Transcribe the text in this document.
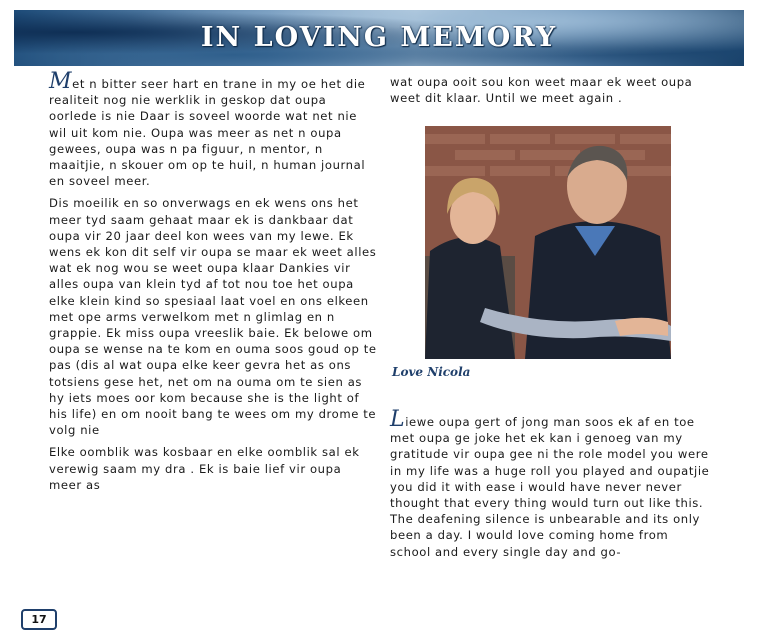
IN LOVING MEMORY

Met n bitter seer hart en trane in my oe het die realiteit nog nie werklik in geskop dat oupa oorlede is nie Daar is soveel woorde wat net nie wil uit kom nie. Oupa was meer as net n oupa gewees, oupa was n pa figuur, n mentor, n maaitjie, n skouer om op te huil, n human journal en soveel meer.

Dis moeilik en so onverwags en ek wens ons het meer tyd saam gehaat maar ek is dankbaar dat oupa vir 20 jaar deel kon wees van my lewe. Ek wens ek kon dit self vir oupa se maar ek weet alles wat ek nog wou se weet oupa klaar Dankies vir alles oupa van klein tyd af tot nou toe het oupa elke klein kind so spesiaal laat voel en ons elkeen met ope arms verwelkom met n glimlag en n grappie. Ek miss oupa vreeslik baie. Ek belowe om oupa se wense na te kom en ouma soos goud op te pas (dis al wat oupa elke keer gevra het as ons totsiens gese het, net om na ouma om te sien as hy iets moes oor kom because she is the light of his life) en om nooit bang te wees om my drome te volg nie

Elke oomblik was kosbaar en elke oomblik sal ek verewig saam my dra . Ek is baie lief vir oupa meer as

wat oupa ooit sou kon weet maar ek weet oupa weet dit klaar. Until we meet again .

Love Nicola

Liewe oupa gert of jong man soos ek af en toe met oupa ge joke het ek kan i genoeg van my gratitude vir oupa gee ni the role model you were in my life was a huge roll you played and oupatjie you did it with ease i would have never never thought that every thing would turn out like this. The deafening silence is unbearable and its only been a day. I would love coming home from school and every single day and go-

17
